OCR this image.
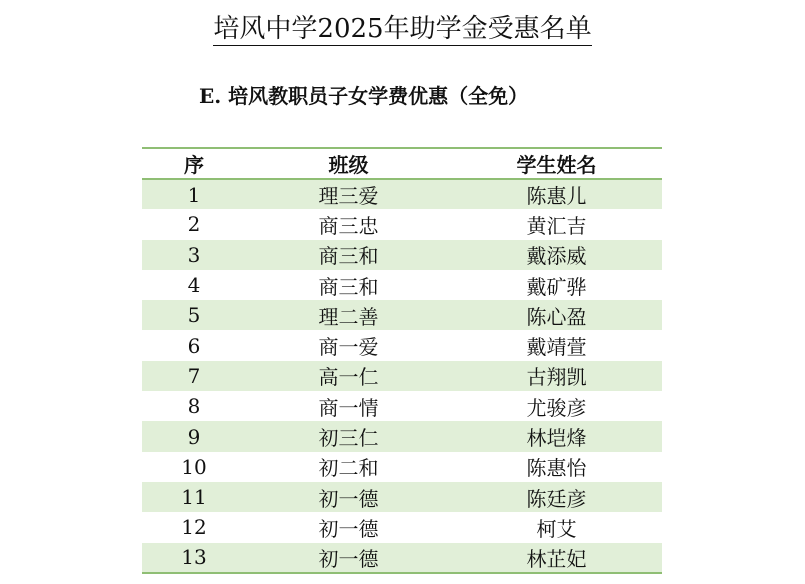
培风中学2025年助学金受惠名单
E. 培风教职员子女学费优惠（全免）
序	班级	学生姓名
1	理三爱	陈惠儿
2	商三忠	黄汇吉
3	商三和	戴添威
4	商三和	戴矿骅
5	理二善	陈心盈
6	商一爱	戴靖萱
7	高一仁	古翔凯
8	商一情	尤骏彦
9	初三仁	林垲烽
10	初二和	陈惠怡
11	初一德	陈廷彦
12	初一德	柯艾
13	初一德	林芷妃
